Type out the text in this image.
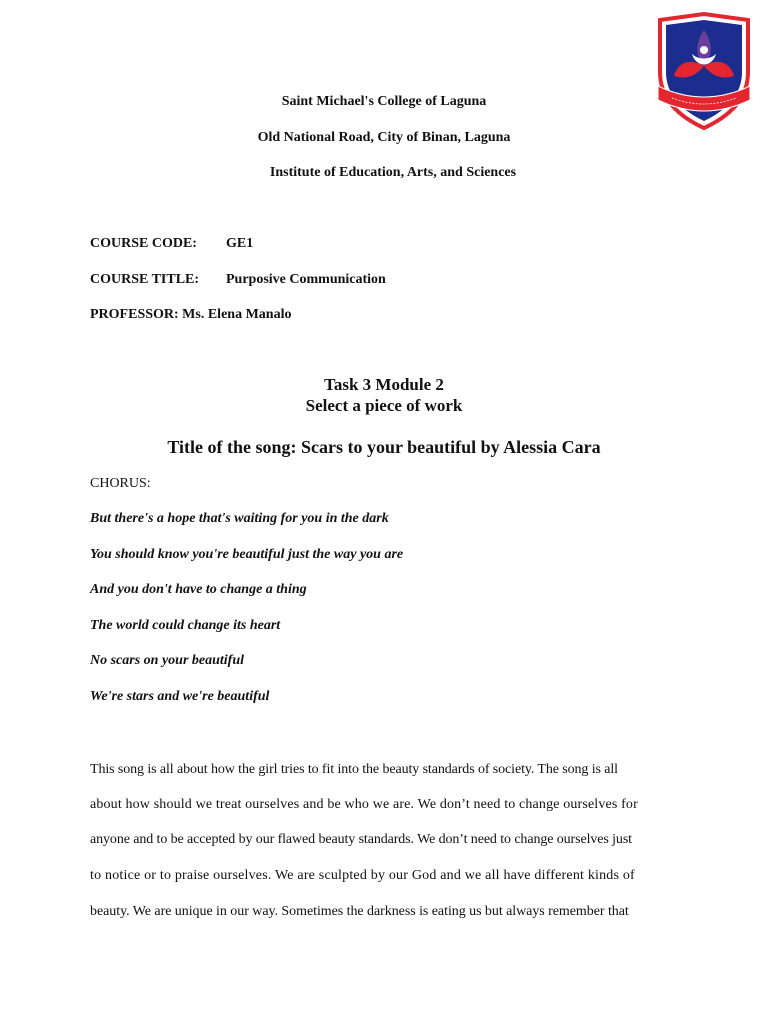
Saint Michael's College of Laguna
Old National Road, City of Binan, Laguna
Institute of Education, Arts, and Sciences
COURSE CODE: GE1
COURSE TITLE: Purposive Communication
PROFESSOR: Ms. Elena Manalo
Task 3 Module 2
Select a piece of work
Title of the song: Scars to your beautiful by Alessia Cara
CHORUS:
But there's a hope that's waiting for you in the dark
You should know you're beautiful just the way you are
And you don't have to change a thing
The world could change its heart
No scars on your beautiful
We're stars and we're beautiful
This song is all about how the girl tries to fit into the beauty standards of society. The song is all
about how should we treat ourselves and be who we are. We don’t need to change ourselves for
anyone and to be accepted by our flawed beauty standards. We don’t need to change ourselves just
to notice or to praise ourselves. We are sculpted by our God and we all have different kinds of
beauty. We are unique in our way. Sometimes the darkness is eating us but always remember that
